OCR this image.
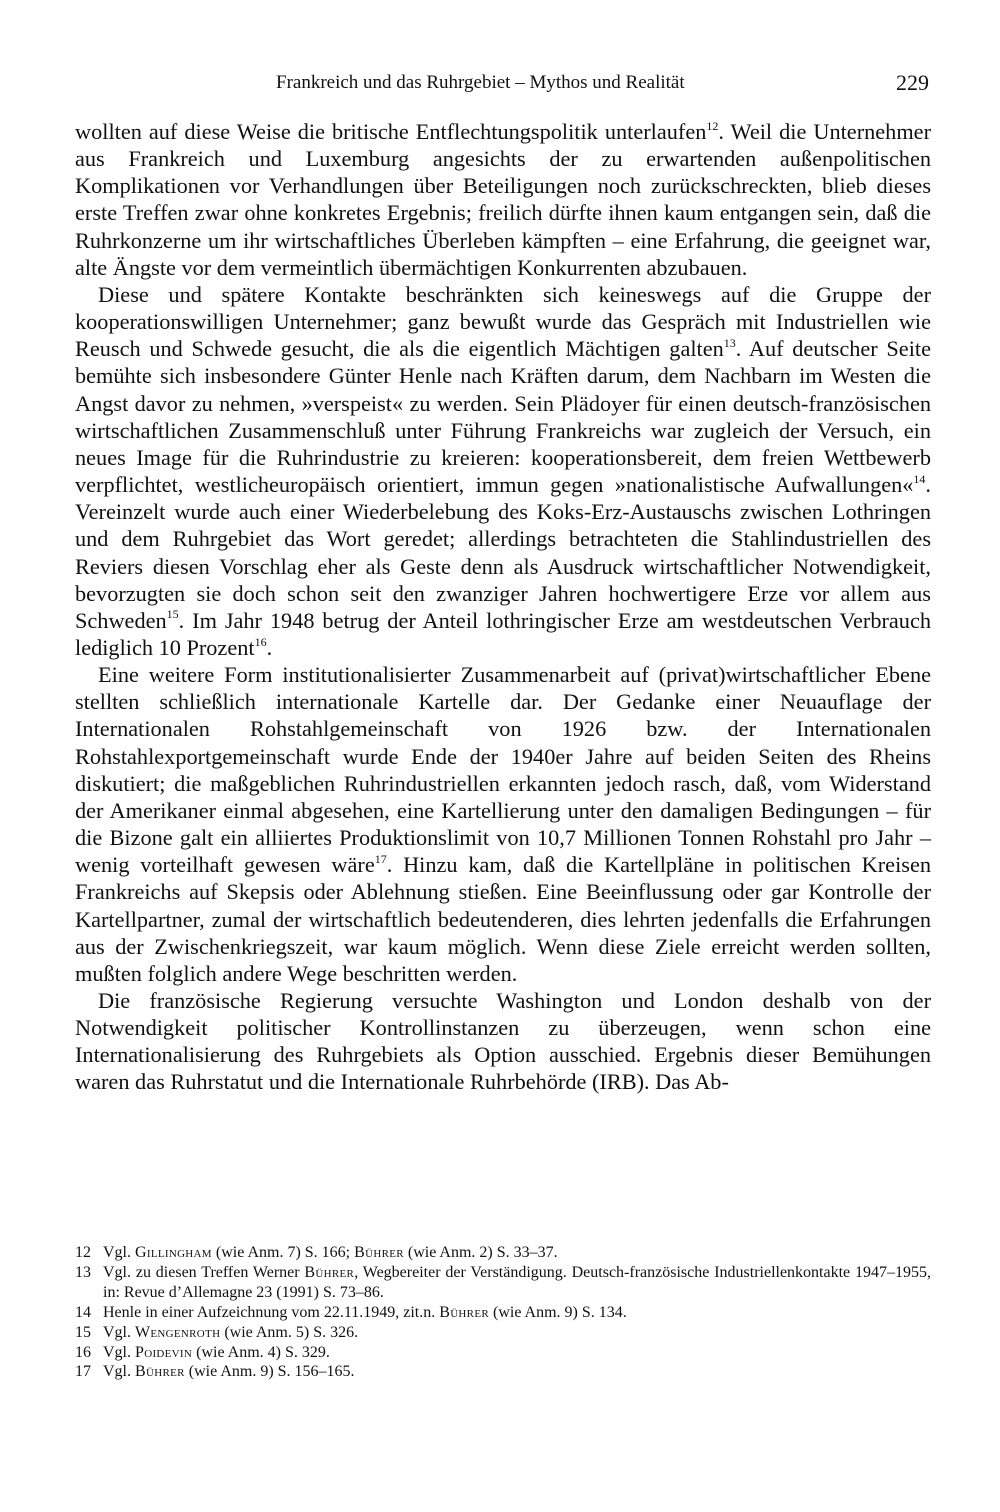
Frankreich und das Ruhrgebiet – Mythos und Realität	229

wollten auf diese Weise die britische Entflechtungspolitik unterlaufen$^{12}$. Weil die Unternehmer aus Frankreich und Luxemburg angesichts der zu erwartenden außenpolitischen Komplikationen vor Verhandlungen über Beteiligungen noch zurückschreckten, blieb dieses erste Treffen zwar ohne konkretes Ergebnis; freilich dürfte ihnen kaum entgangen sein, daß die Ruhrkonzerne um ihr wirtschaftliches Überleben kämpften – eine Erfahrung, die geeignet war, alte Ängste vor dem vermeintlich übermächtigen Konkurrenten abzubauen.

Diese und spätere Kontakte beschränkten sich keineswegs auf die Gruppe der kooperationswilligen Unternehmer; ganz bewußt wurde das Gespräch mit Industriellen wie Reusch und Schwede gesucht, die als die eigentlich Mächtigen galten$^{13}$. Auf deutscher Seite bemühte sich insbesondere Günter Henle nach Kräften darum, dem Nachbarn im Westen die Angst davor zu nehmen, »verspeist« zu werden. Sein Plädoyer für einen deutsch-französischen wirtschaftlichen Zusammenschluß unter Führung Frankreichs war zugleich der Versuch, ein neues Image für die Ruhrindustrie zu kreieren: kooperationsbereit, dem freien Wettbewerb verpflichtet, westlicheuropäisch orientiert, immun gegen »nationalistische Aufwallungen«$^{14}$. Vereinzelt wurde auch einer Wiederbelebung des Koks-Erz-Austauschs zwischen Lothringen und dem Ruhrgebiet das Wort geredet; allerdings betrachteten die Stahlindustriellen des Reviers diesen Vorschlag eher als Geste denn als Ausdruck wirtschaftlicher Notwendigkeit, bevorzugten sie doch schon seit den zwanziger Jahren hochwertigere Erze vor allem aus Schweden$^{15}$. Im Jahr 1948 betrug der Anteil lothringischer Erze am westdeutschen Verbrauch lediglich 10 Prozent$^{16}$.

Eine weitere Form institutionalisierter Zusammenarbeit auf (privat)wirtschaftlicher Ebene stellten schließlich internationale Kartelle dar. Der Gedanke einer Neuauflage der Internationalen Rohstahlgemeinschaft von 1926 bzw. der Internationalen Rohstahlexportgemeinschaft wurde Ende der 1940er Jahre auf beiden Seiten des Rheins diskutiert; die maßgeblichen Ruhrindustriellen erkannten jedoch rasch, daß, vom Widerstand der Amerikaner einmal abgesehen, eine Kartellierung unter den damaligen Bedingungen – für die Bizone galt ein alliiertes Produktionslimit von 10,7 Millionen Tonnen Rohstahl pro Jahr – wenig vorteilhaft gewesen wäre$^{17}$. Hinzu kam, daß die Kartellpläne in politischen Kreisen Frankreichs auf Skepsis oder Ablehnung stießen. Eine Beeinflussung oder gar Kontrolle der Kartellpartner, zumal der wirtschaftlich bedeutenderen, dies lehrten jedenfalls die Erfahrungen aus der Zwischenkriegszeit, war kaum möglich. Wenn diese Ziele erreicht werden sollten, mußten folglich andere Wege beschritten werden.

Die französische Regierung versuchte Washington und London deshalb von der Notwendigkeit politischer Kontrollinstanzen zu überzeugen, wenn schon eine Internationalisierung des Ruhrgebiets als Option ausschied. Ergebnis dieser Bemühungen waren das Ruhrstatut und die Internationale Ruhrbehörde (IRB). Das Ab-

12 Vgl. Gillingham (wie Anm. 7) S. 166; Bührer (wie Anm. 2) S. 33–37.
13 Vgl. zu diesen Treffen Werner Bührer, Wegbereiter der Verständigung. Deutsch-französische Industriellenkontakte 1947–1955, in: Revue d’Allemagne 23 (1991) S. 73–86.
14 Henle in einer Aufzeichnung vom 22.11.1949, zit.n. Bührer (wie Anm. 9) S. 134.
15 Vgl. Wengenroth (wie Anm. 5) S. 326.
16 Vgl. Poidevin (wie Anm. 4) S. 329.
17 Vgl. Bührer (wie Anm. 9) S. 156–165.
